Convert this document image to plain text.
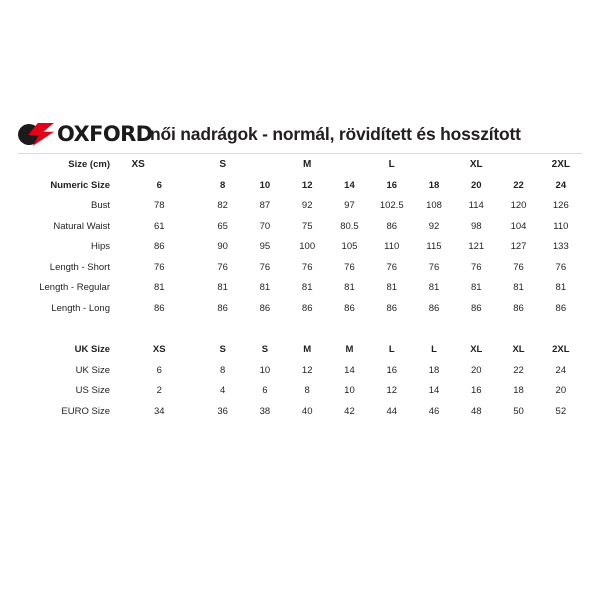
OXFORD
női nadrágok - normál, rövidített és hosszított
Size (cm)	XS		S		M		L		XL		2XL
Numeric Size	6		8	10	12	14	16	18	20	22	24
Bust	78		82	87	92	97	102.5	108	114	120	126
Natural Waist	61		65	70	75	80.5	86	92	98	104	110
Hips	86		90	95	100	105	110	115	121	127	133
Length - Short	76		76	76	76	76	76	76	76	76	76
Length - Regular	81		81	81	81	81	81	81	81	81	81
Length - Long	86		86	86	86	86	86	86	86	86	86
UK Size	XS	S	S	M	M	L	L	XL	XL	2XL
UK Size	6	8	10	12	14	16	18	20	22	24
US Size	2	4	6	8	10	12	14	16	18	20
EURO Size	34	36	38	40	42	44	46	48	50	52
